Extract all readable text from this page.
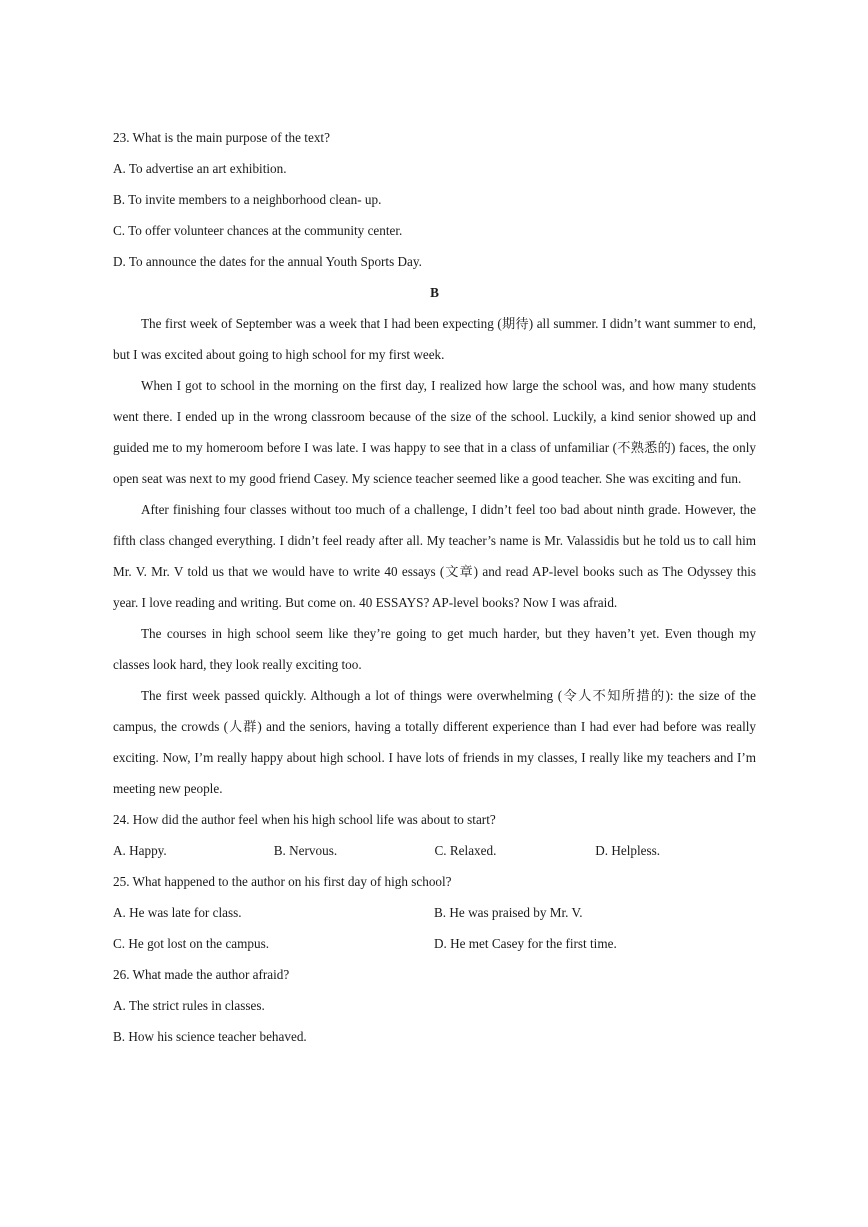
23. What is the main purpose of the text?

A. To advertise an art exhibition.

B. To invite members to a neighborhood clean- up.

C. To offer volunteer chances at the community center.

D. To announce the dates for the annual Youth Sports Day.

B

The first week of September was a week that I had been expecting (期待) all summer. I didn’t want summer to end, but I was excited about going to high school for my first week.

When I got to school in the morning on the first day, I realized how large the school was, and how many students went there. I ended up in the wrong classroom because of the size of the school. Luckily, a kind senior showed up and guided me to my homeroom before I was late. I was happy to see that in a class of unfamiliar (不熟悉的) faces, the only open seat was next to my good friend Casey. My science teacher seemed like a good teacher. She was exciting and fun.

After finishing four classes without too much of a challenge, I didn’t feel too bad about ninth grade. However, the fifth class changed everything. I didn’t feel ready after all. My teacher’s name is Mr. Valassidis but he told us to call him Mr. V. Mr. V told us that we would have to write 40 essays (文章) and read AP-level books such as The Odyssey this year. I love reading and writing. But come on. 40 ESSAYS? AP-level books? Now I was afraid.

The courses in high school seem like they’re going to get much harder, but they haven’t yet. Even though my classes look hard, they look really exciting too.

The first week passed quickly. Although a lot of things were overwhelming (令人不知所措的): the size of the campus, the crowds (人群) and the seniors, having a totally different experience than I had ever had before was really exciting. Now, I’m really happy about high school. I have lots of friends in my classes, I really like my teachers and I’m meeting new people.

24. How did the author feel when his high school life was about to start?

A. Happy.	B. Nervous.	C. Relaxed.	D. Helpless.

25. What happened to the author on his first day of high school?

A. He was late for class.	B. He was praised by Mr. V.
C. He got lost on the campus.	D. He met Casey for the first time.

26. What made the author afraid?

A. The strict rules in classes.

B. How his science teacher behaved.
